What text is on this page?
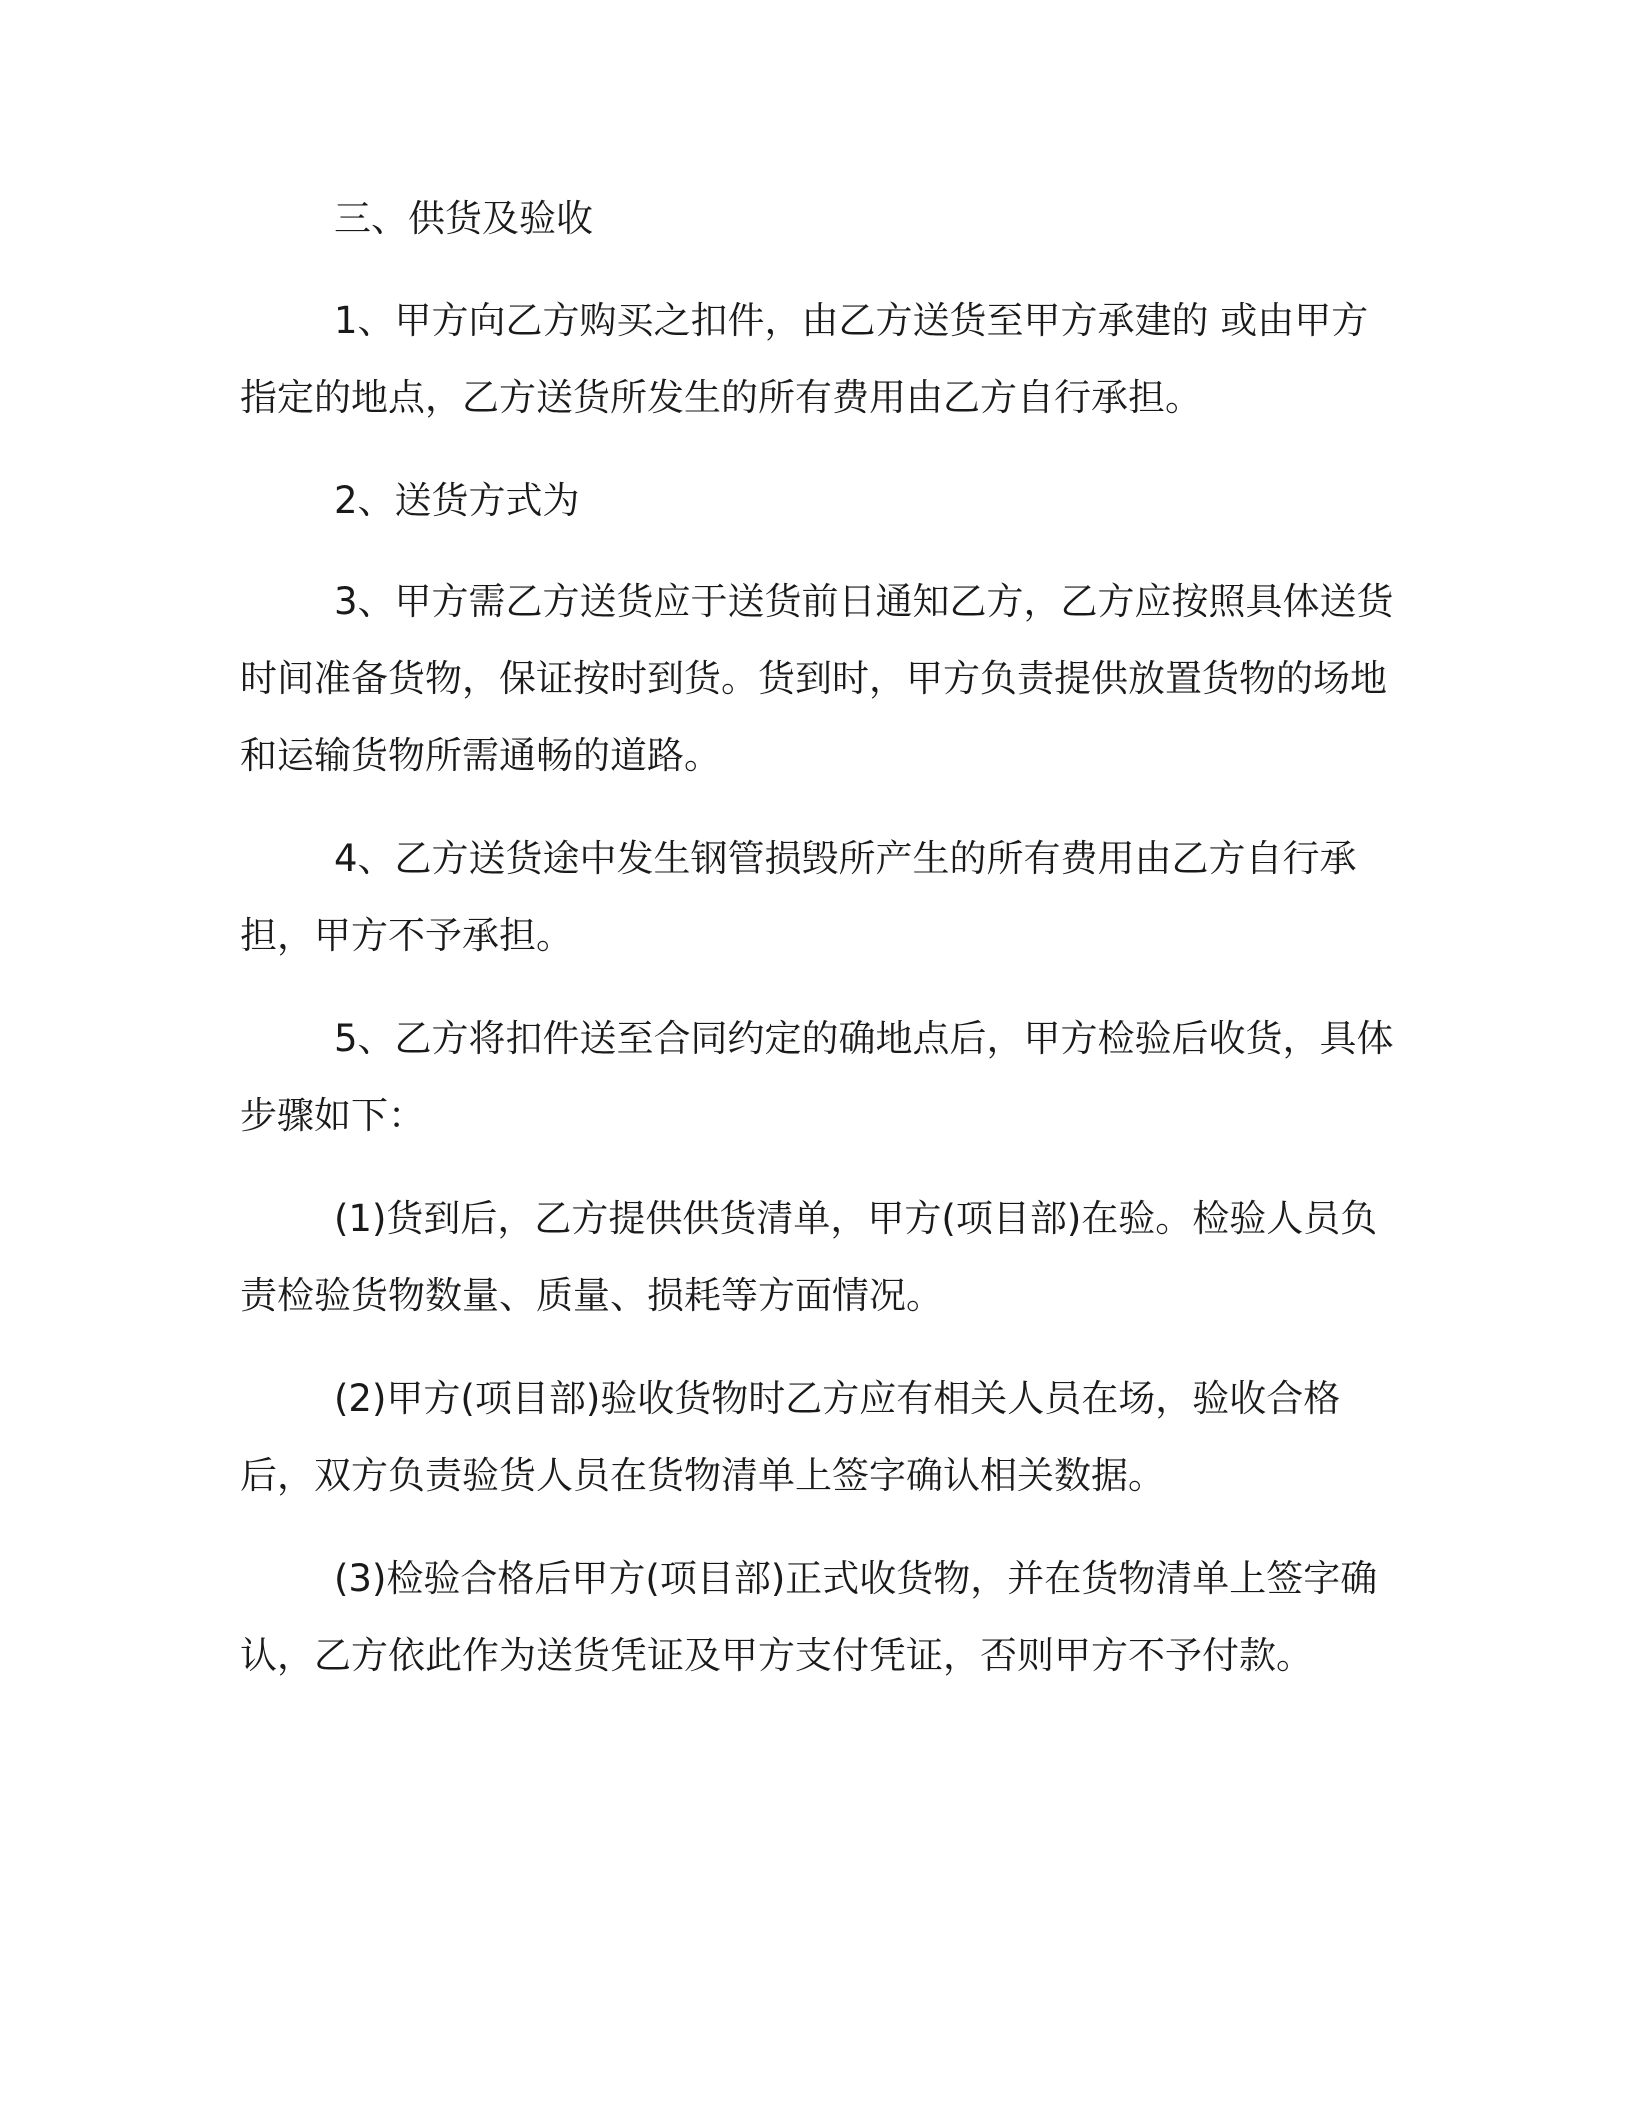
三、供货及验收

1、甲方向乙方购买之扣件，由乙方送货至甲方承建的 或由甲方指定的地点，乙方送货所发生的所有费用由乙方自行承担。

2、送货方式为

3、甲方需乙方送货应于送货前日通知乙方，乙方应按照具体送货时间准备货物，保证按时到货。货到时，甲方负责提供放置货物的场地和运输货物所需通畅的道路。

4、乙方送货途中发生钢管损毁所产生的所有费用由乙方自行承担，甲方不予承担。

5、乙方将扣件送至合同约定的确地点后，甲方检验后收货，具体步骤如下：

(1)货到后，乙方提供供货清单，甲方(项目部)在验。检验人员负责检验货物数量、质量、损耗等方面情况。

(2)甲方(项目部)验收货物时乙方应有相关人员在场，验收合格后，双方负责验货人员在货物清单上签字确认相关数据。

(3)检验合格后甲方(项目部)正式收货物，并在货物清单上签字确认，乙方依此作为送货凭证及甲方支付凭证，否则甲方不予付款。
